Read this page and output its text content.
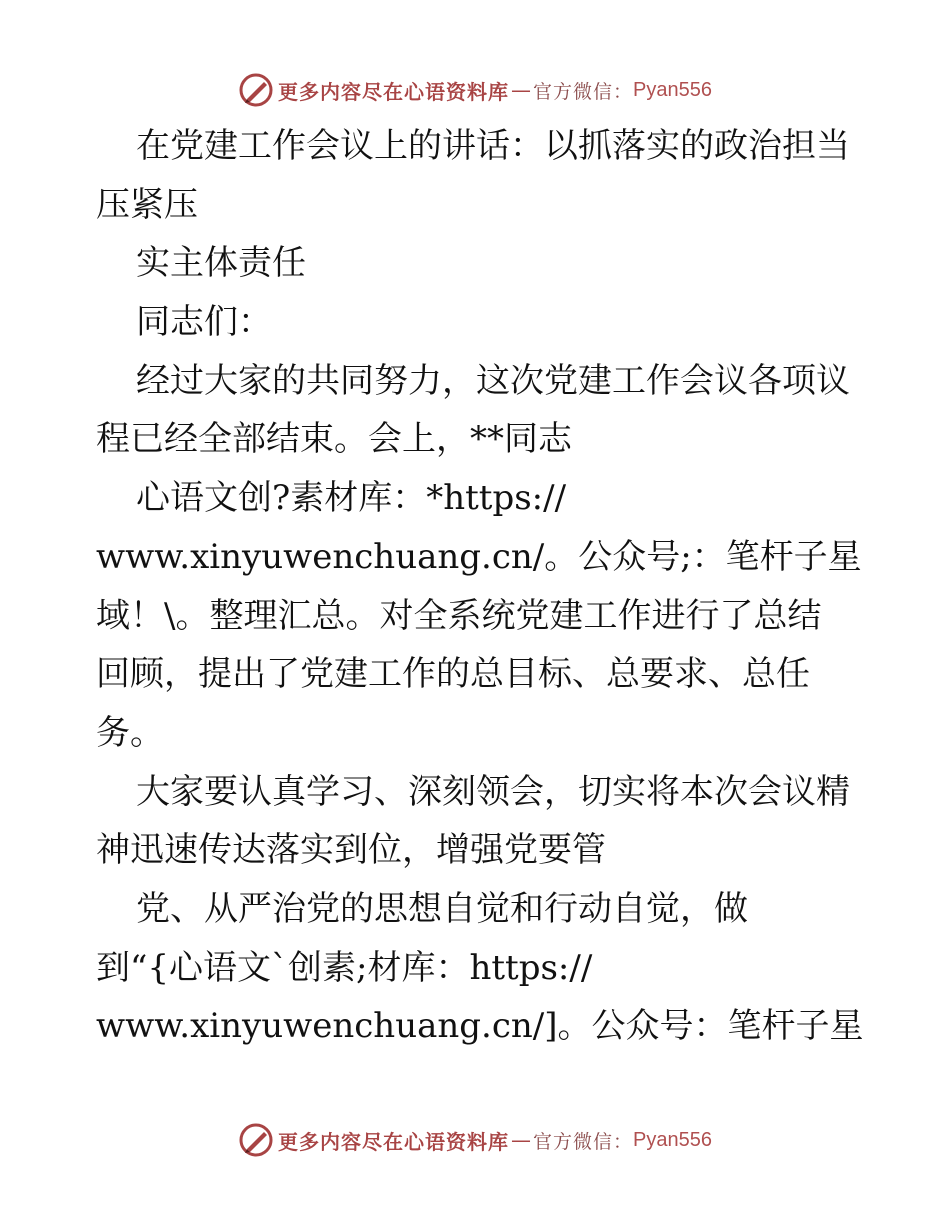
更多内容尽在心语资料库 — 官方微信： Pyan556
在党建工作会议上的讲话：以抓落实的政治担当
压紧压
实主体责任
同志们：
经过大家的共同努力，这次党建工作会议各项议
程已经全部结束。会上，**同志
心语文创?素材库：*https://
www.xinyuwenchuang.cn/。公众号;：笔杆子星
域！\。整理汇总。对全系统党建工作进行了总结
回顾，提出了党建工作的总目标、总要求、总任
务。
大家要认真学习、深刻领会，切实将本次会议精
神迅速传达落实到位，增强党要管
党、从严治党的思想自觉和行动自觉，做
到“{心语文`创素;材库：https://
www.xinyuwenchuang.cn/]。公众号：笔杆子星
更多内容尽在心语资料库 — 官方微信： Pyan556
